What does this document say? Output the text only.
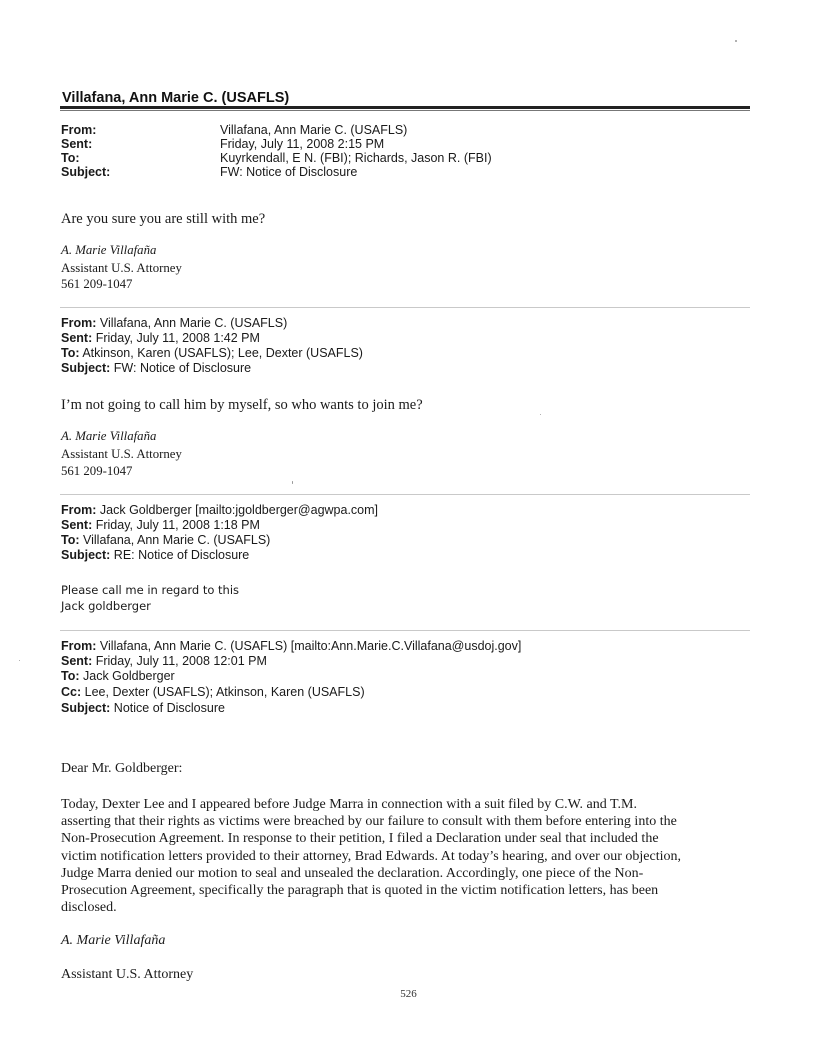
Villafana, Ann Marie C. (USAFLS)
From:	Villafana, Ann Marie C. (USAFLS)
Sent:	Friday, July 11, 2008 2:15 PM
To:	Kuyrkendall, E N. (FBI); Richards, Jason R. (FBI)
Subject:	FW: Notice of Disclosure
Are you sure you are still with me?
A. Marie Villafaña
Assistant U.S. Attorney
561 209-1047
From: Villafana, Ann Marie C. (USAFLS)
Sent: Friday, July 11, 2008 1:42 PM
To: Atkinson, Karen (USAFLS); Lee, Dexter (USAFLS)
Subject: FW: Notice of Disclosure
I’m not going to call him by myself, so who wants to join me?
A. Marie Villafaña
Assistant U.S. Attorney
561 209-1047
From: Jack Goldberger [mailto:jgoldberger@agwpa.com]
Sent: Friday, July 11, 2008 1:18 PM
To: Villafana, Ann Marie C. (USAFLS)
Subject: RE: Notice of Disclosure
Please call me in regard to this
Jack goldberger
From: Villafana, Ann Marie C. (USAFLS) [mailto:Ann.Marie.C.Villafana@usdoj.gov]
Sent: Friday, July 11, 2008 12:01 PM
To: Jack Goldberger
Cc: Lee, Dexter (USAFLS); Atkinson, Karen (USAFLS)
Subject: Notice of Disclosure
Dear Mr. Goldberger:
Today, Dexter Lee and I appeared before Judge Marra in connection with a suit filed by C.W. and T.M.
asserting that their rights as victims were breached by our failure to consult with them before entering into the
Non-Prosecution Agreement. In response to their petition, I filed a Declaration under seal that included the
victim notification letters provided to their attorney, Brad Edwards. At today’s hearing, and over our objection,
Judge Marra denied our motion to seal and unsealed the declaration. Accordingly, one piece of the Non-
Prosecution Agreement, specifically the paragraph that is quoted in the victim notification letters, has been
disclosed.
A. Marie Villafaña
Assistant U.S. Attorney
526
